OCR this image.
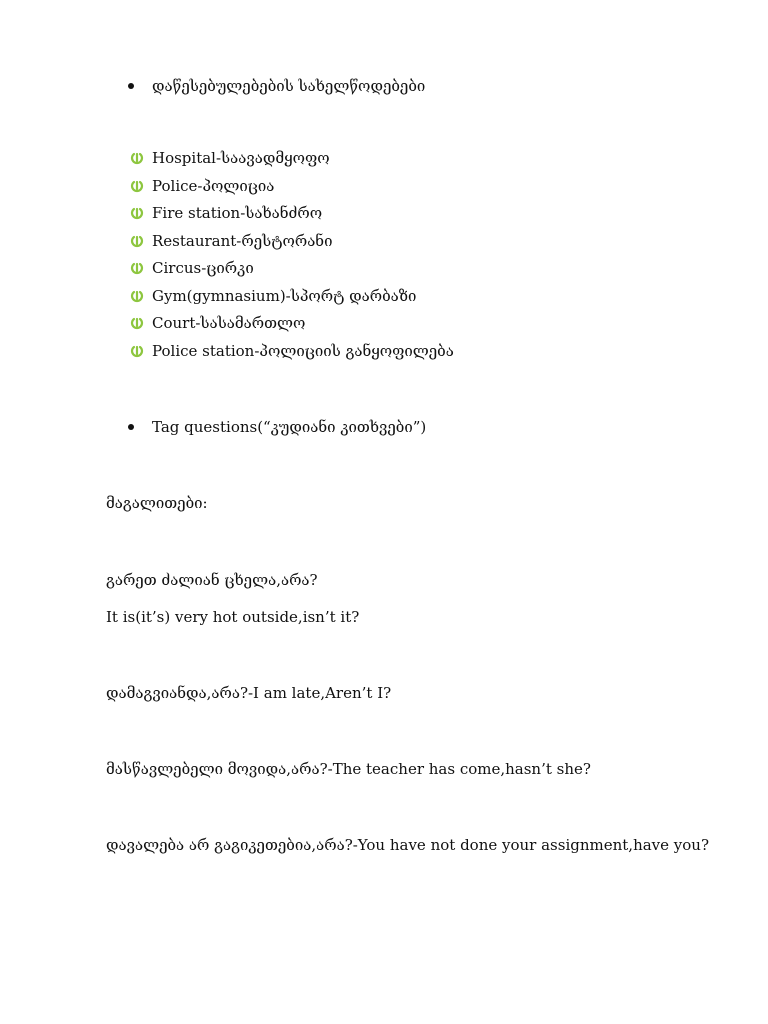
დაწესებულებების სახელწოდებები
Hospital-საავადმყოფო
Police-პოლიცია
Fire station-სახანძრო
Restaurant-რესტორანი
Circus-ცირკი
Gym(gymnasium)-სპორტ დარბაზი
Court-სასამართლო
Police station-პოლიციის განყოფილება
Tag questions(“კუდიანი კითხვები”)
მაგალითები:
გარეთ ძალიან ცხელა,არა?
It is(it’s) very hot outside,isn’t it?
დამაგვიანდა,არა?-I am late,Aren’t I?
მასწავლებელი მოვიდა,არა?-The teacher has come,hasn’t she?
დავალება არ გაგიკეთებია,არა?-You have not done your assignment,have you?
